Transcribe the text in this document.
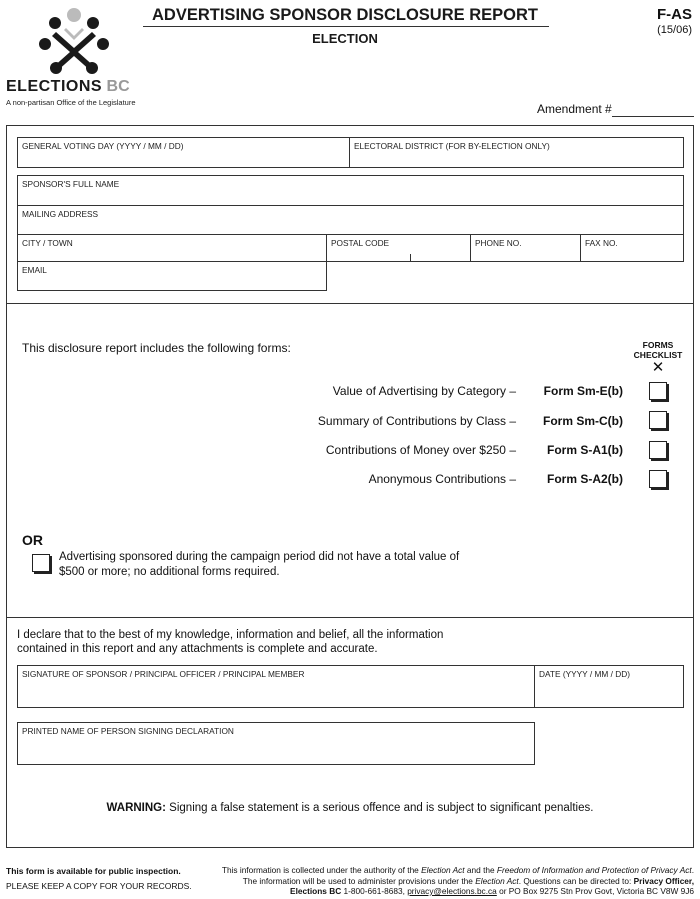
ELECTIONS BC
A non-partisan Office of the Legislature
ADVERTISING SPONSOR DISCLOSURE REPORT
ELECTION
F-AS
(15/06)
Amendment #
GENERAL VOTING DAY (YYYY / MM / DD)	ELECTORAL DISTRICT (FOR BY-ELECTION ONLY)
SPONSOR'S FULL NAME
MAILING ADDRESS
CITY / TOWN	POSTAL CODE	PHONE NO.	FAX NO.
EMAIL
This disclosure report includes the following forms:	FORMS
CHECKLIST
✕
Value of Advertising by Category – Form Sm-E(b)
Summary of Contributions by Class – Form Sm-C(b)
Contributions of Money over $250 –	Form S-A1(b)
Anonymous Contributions –	Form S-A2(b)
OR
Advertising sponsored during the campaign period did not have a total value of
$500 or more; no additional forms required.
I declare that to the best of my knowledge, information and belief, all the information
contained in this report and any attachments is complete and accurate.
SIGNATURE OF SPONSOR / PRINCIPAL OFFICER / PRINCIPAL MEMBER	DATE (YYYY / MM / DD)
PRINTED NAME OF PERSON SIGNING DECLARATION
WARNING: Signing a false statement is a serious offence and is subject to significant penalties.
This form is available for public inspection.
PLEASE KEEP A COPY FOR YOUR RECORDS.
This information is collected under the authority of the Election Act and the Freedom of Information and Protection of Privacy Act.
The information will be used to administer provisions under the Election Act. Questions can be directed to: Privacy Officer,
Elections BC 1-800-661-8683, privacy@elections.bc.ca or PO Box 9275 Stn Prov Govt, Victoria BC V8W 9J6
